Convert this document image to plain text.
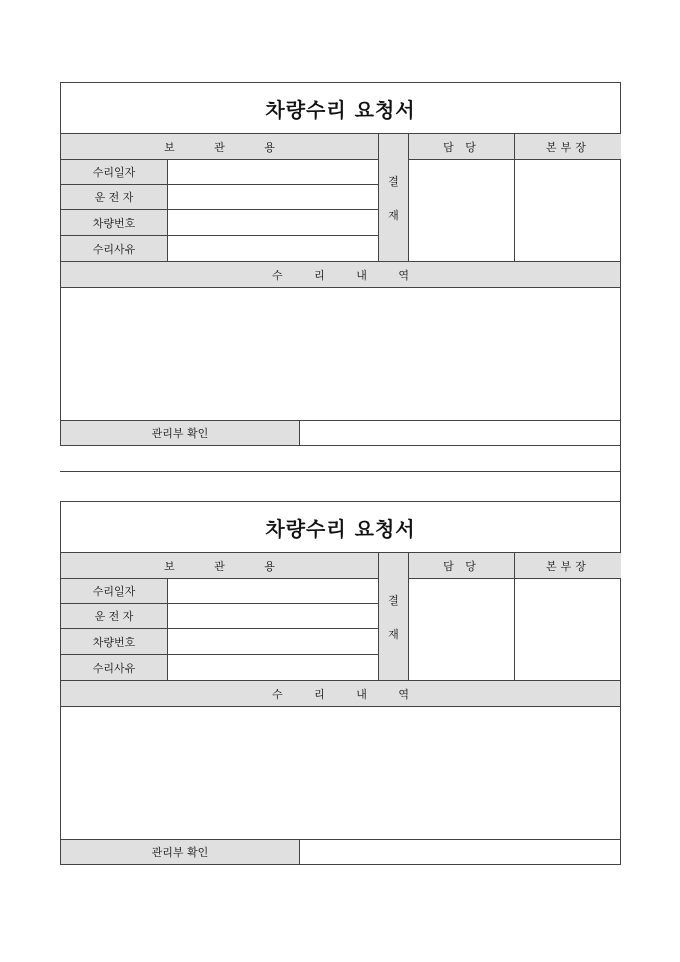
차량수리 요청서
보 관 용
결
재
담 당	본부장
수리일자
운 전 자
차량번호
수리사유
수 리 내 역
관리부 확인
차량수리 요청서
보 관 용
결
재
담 당	본부장
수리일자
운 전 자
차량번호
수리사유
수 리 내 역
관리부 확인
